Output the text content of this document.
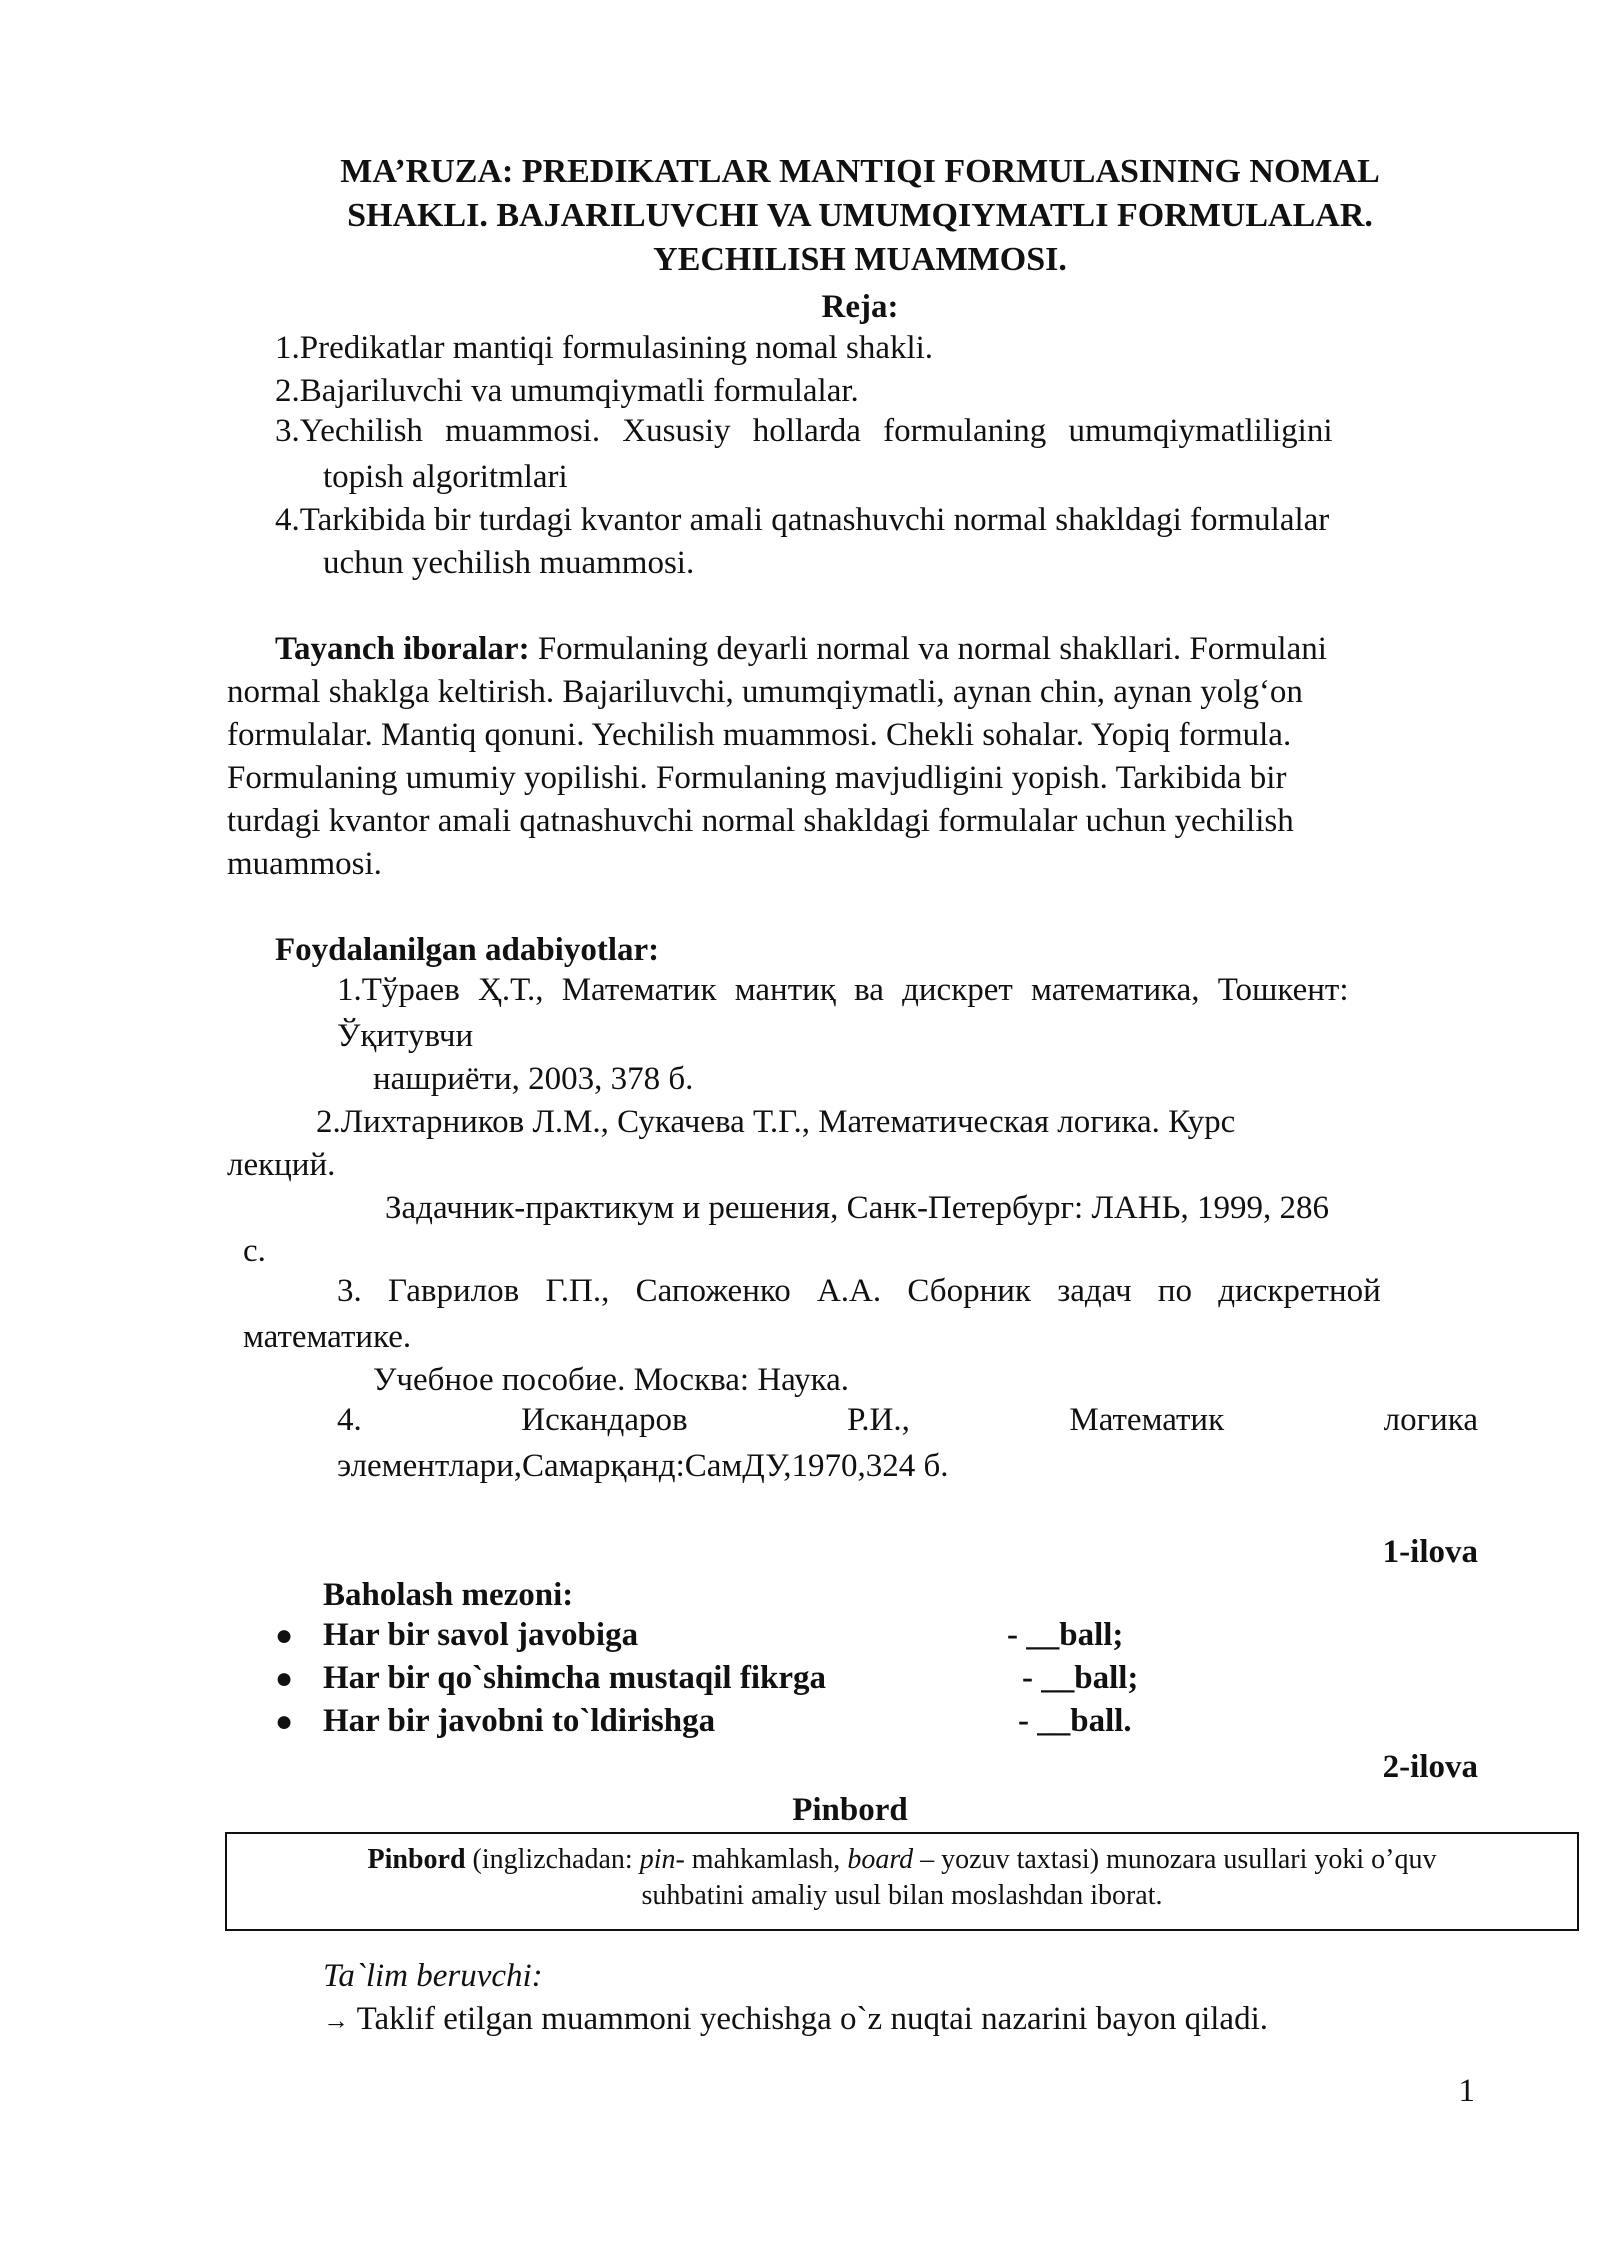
MA’RUZA: PREDIKATLAR MANTIQI FORMULASINING NOMAL
SHAKLI. BAJARILUVCHI VA UMUMQIYMATLI FORMULALAR.
YECHILISH MUAMMOSI.
Reja:
1.Predikatlar mantiqi formulasining nomal shakli.
2.Bajariluvchi va umumqiymatli formulalar.
3.Yechilish muammosi. Xususiy hollarda formulaning umumqiymatliligini
topish algoritmlari
4.Tarkibida bir turdagi kvantor amali qatnashuvchi normal shakldagi formulalar
uchun yechilish muammosi.
Tayanch iboralar: Formulaning deyarli normal va normal shakllari. Formulani
normal shaklga keltirish. Bajariluvchi, umumqiymatli, aynan chin, aynan yolg‘on
formulalar. Mantiq qonuni. Yechilish muammosi. Chekli sohalar. Yopiq formula.
Formulaning umumiy yopilishi. Formulaning mavjudligini yopish. Tarkibida bir
turdagi kvantor amali qatnashuvchi normal shakldagi formulalar uchun yechilish
muammosi.
Foydalanilgan adabiyotlar:
1.Тўраев Ҳ.Т., Математик мантиқ ва дискрет математика, Тошкент:
Ўқитувчи
нашриёти, 2003, 378 б.
2.Лихтарников Л.М., Сукачева Т.Г., Математическая логика. Курс
лекций.
Задачник-практикум и решения, Санк-Петербург: ЛАНЬ, 1999, 286
с.
3. Гаврилов Г.П., Сапоженко А.А. Сборник задач по дискретной
математике.
Учебное пособие. Москва: Наука.
4.	Искандаров	Р.И.,	Математик	логика
элементлари,Самарқанд:СамДУ,1970,324 б.
1-ilova
Baholash mezoni:
● Har bir savol javobiga	- __ball;
● Har bir qo`shimcha mustaqil fikrga	- __ball;
● Har bir javobni to`ldirishga	- __ball.
2-ilova
Pinbord
Pinbord (inglizchadan: pin- mahkamlash, board – yozuv taxtasi) munozara usullari yoki o’quv
suhbatini amaliy usul bilan moslashdan iborat.
Ta`lim beruvchi:
→ Taklif etilgan muammoni yechishga o`z nuqtai nazarini bayon qiladi.
1
